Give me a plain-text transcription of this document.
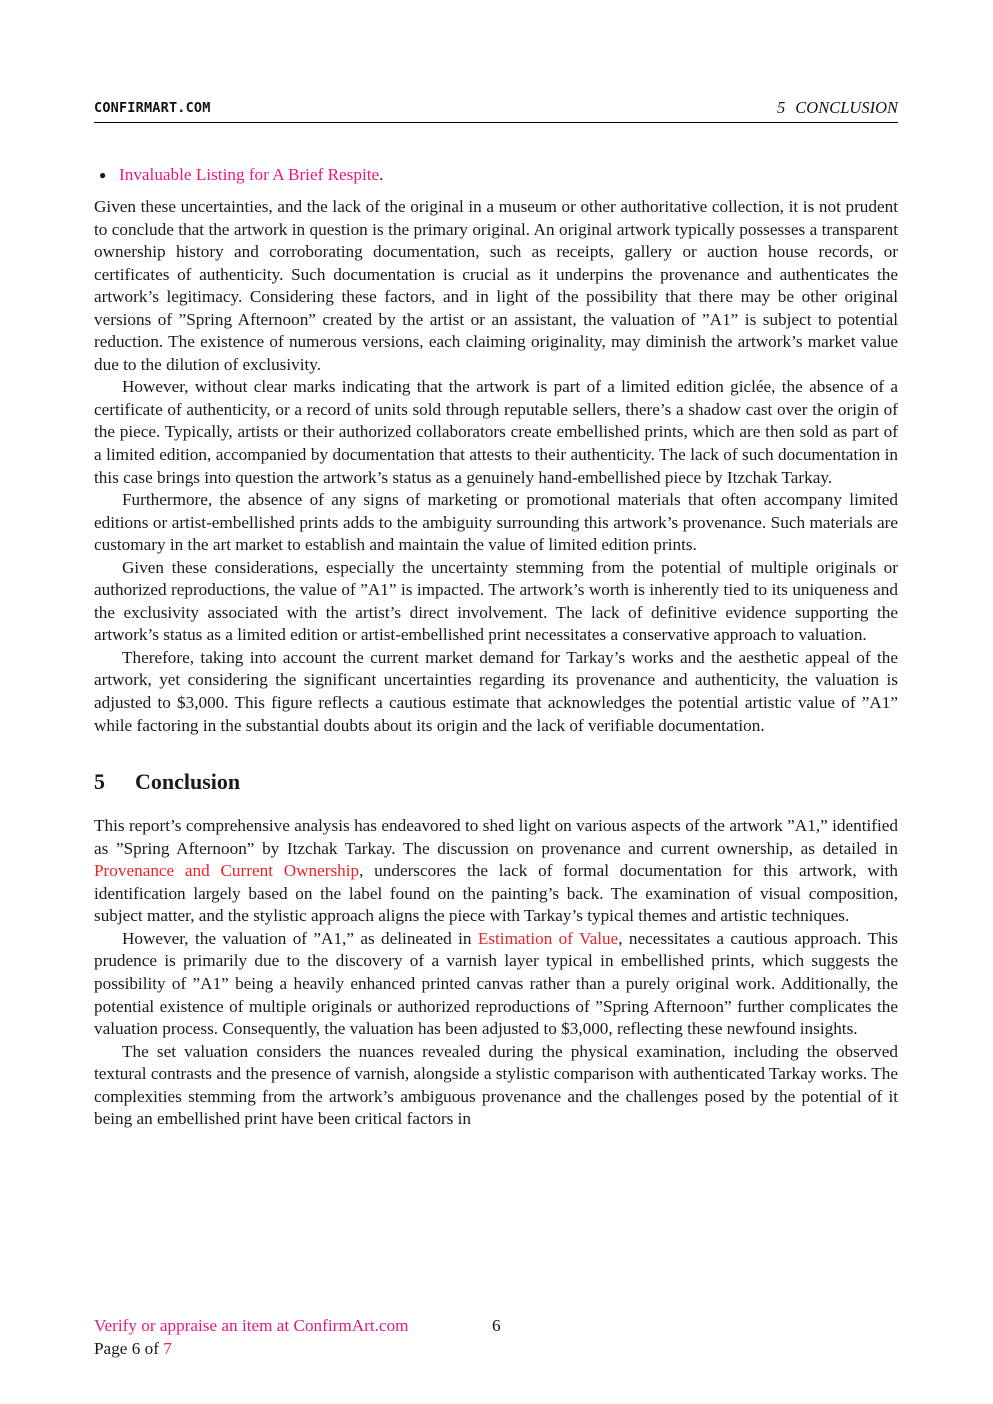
CONFIRMART.COM	5 CONCLUSION
● Invaluable Listing for A Brief Respite.

Given these uncertainties, and the lack of the original in a museum or other authoritative collection, it is not prudent to conclude that the artwork in question is the primary original. An original artwork typically possesses a transparent ownership history and corroborating documentation, such as receipts, gallery or auction house records, or certificates of authenticity. Such documentation is crucial as it underpins the provenance and authenticates the artwork’s legitimacy. Considering these factors, and in light of the possibility that there may be other original versions of ”Spring Afternoon” created by the artist or an assistant, the valuation of ”A1” is subject to potential reduction. The existence of numerous versions, each claiming originality, may diminish the artwork’s market value due to the dilution of exclusivity.

However, without clear marks indicating that the artwork is part of a limited edition giclée, the absence of a certificate of authenticity, or a record of units sold through reputable sellers, there’s a shadow cast over the origin of the piece. Typically, artists or their authorized collaborators create embellished prints, which are then sold as part of a limited edition, accompanied by documentation that attests to their authenticity. The lack of such documentation in this case brings into question the artwork’s status as a genuinely hand-embellished piece by Itzchak Tarkay.

Furthermore, the absence of any signs of marketing or promotional materials that often accompany limited editions or artist-embellished prints adds to the ambiguity surrounding this artwork’s provenance. Such materials are customary in the art market to establish and maintain the value of limited edition prints.

Given these considerations, especially the uncertainty stemming from the potential of multiple originals or authorized reproductions, the value of ”A1” is impacted. The artwork’s worth is inherently tied to its uniqueness and the exclusivity associated with the artist’s direct involvement. The lack of definitive evidence supporting the artwork’s status as a limited edition or artist-embellished print necessitates a conservative approach to valuation.

Therefore, taking into account the current market demand for Tarkay’s works and the aesthetic appeal of the artwork, yet considering the significant uncertainties regarding its provenance and authenticity, the valuation is adjusted to $3,000. This figure reflects a cautious estimate that acknowledges the potential artistic value of ”A1” while factoring in the substantial doubts about its origin and the lack of verifiable documentation.

5 Conclusion

This report’s comprehensive analysis has endeavored to shed light on various aspects of the artwork ”A1,” identified as ”Spring Afternoon” by Itzchak Tarkay. The discussion on provenance and current ownership, as detailed in Provenance and Current Ownership, underscores the lack of formal documentation for this artwork, with identification largely based on the label found on the painting’s back. The examination of visual composition, subject matter, and the stylistic approach aligns the piece with Tarkay’s typical themes and artistic techniques.

However, the valuation of ”A1,” as delineated in Estimation of Value, necessitates a cautious approach. This prudence is primarily due to the discovery of a varnish layer typical in embellished prints, which suggests the possibility of ”A1” being a heavily enhanced printed canvas rather than a purely original work. Additionally, the potential existence of multiple originals or authorized reproductions of ”Spring Afternoon” further complicates the valuation process. Consequently, the valuation has been adjusted to $3,000, reflecting these newfound insights.

The set valuation considers the nuances revealed during the physical examination, including the observed textural contrasts and the presence of varnish, alongside a stylistic comparison with authenticated Tarkay works. The complexities stemming from the artwork’s ambiguous provenance and the challenges posed by the potential of it being an embellished print have been critical factors in

Verify or appraise an item at ConfirmArt.com	6
Page 6 of 7
